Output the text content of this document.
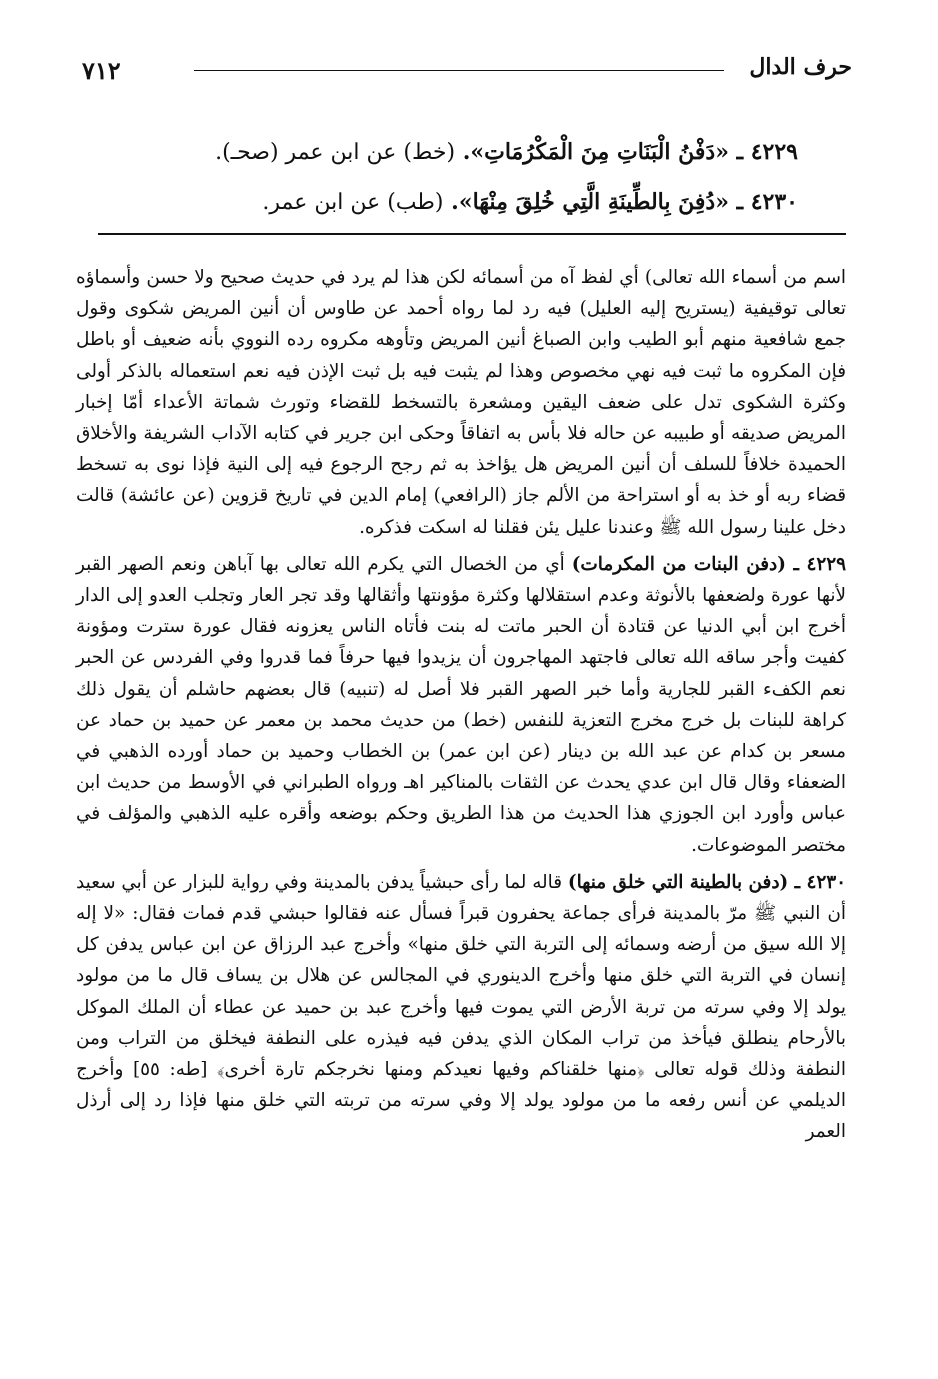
حرف الدال
٧١٢
٤٢٢٩ ـ «دَفْنُ الْبَنَاتِ مِنَ الْمَكْرُمَاتِ». (خط) عن ابن عمر (صحـ).
٤٢٣٠ ـ «دُفِنَ بِالطِّينَةِ الَّتِي خُلِقَ مِنْهَا». (طب) عن ابن عمر.

اسم من أسماء الله تعالى) أي لفظ آه من أسمائه لكن هذا لم يرد في حديث صحيح ولا حسن وأسماؤه تعالى توقيفية (يستريح إليه العليل) فيه رد لما رواه أحمد عن طاوس أن أنين المريض شكوى وقول جمع شافعية منهم أبو الطيب وابن الصباغ أنين المريض وتأوهه مكروه رده النووي بأنه ضعيف أو باطل فإن المكروه ما ثبت فيه نهي مخصوص وهذا لم يثبت فيه بل ثبت الإذن فيه نعم استعماله بالذكر أولى وكثرة الشكوى تدل على ضعف اليقين ومشعرة بالتسخط للقضاء وتورث شماتة الأعداء أمّا إخبار المريض صديقه أو طبيبه عن حاله فلا بأس به اتفاقاً وحكى ابن جرير في كتابه الآداب الشريفة والأخلاق الحميدة خلافاً للسلف أن أنين المريض هل يؤاخذ به ثم رجح الرجوع فيه إلى النية فإذا نوى به تسخط قضاء ربه أو خذ به أو استراحة من الألم جاز (الرافعي) إمام الدين في تاريخ قزوين (عن عائشة) قالت دخل علينا رسول الله ﷺ وعندنا عليل يئن فقلنا له اسكت فذكره.

٤٢٢٩ ـ (دفن البنات من المكرمات) أي من الخصال التي يكرم الله تعالى بها آباهن ونعم الصهر القبر لأنها عورة ولضعفها بالأنوثة وعدم استقلالها وكثرة مؤونتها وأثقالها وقد تجر العار وتجلب العدو إلى الدار أخرج ابن أبي الدنيا عن قتادة أن الحبر ماتت له بنت فأتاه الناس يعزونه فقال عورة سترت ومؤونة كفيت وأجر ساقه الله تعالى فاجتهد المهاجرون أن يزيدوا فيها حرفاً فما قدروا وفي الفردس عن الحبر نعم الكفء القبر للجارية وأما خبر الصهر القبر فلا أصل له (تنبيه) قال بعضهم حاشلم أن يقول ذلك كراهة للبنات بل خرج مخرج التعزية للنفس (خط) من حديث محمد بن معمر عن حميد بن حماد عن مسعر بن كدام عن عبد الله بن دينار (عن ابن عمر) بن الخطاب وحميد بن حماد أورده الذهبي في الضعفاء وقال قال ابن عدي يحدث عن الثقات بالمناكير اهـ ورواه الطبراني في الأوسط من حديث ابن عباس وأورد ابن الجوزي هذا الحديث من هذا الطريق وحكم بوضعه وأقره عليه الذهبي والمؤلف في مختصر الموضوعات.

٤٢٣٠ ـ (دفن بالطينة التي خلق منها) قاله لما رأى حبشياً يدفن بالمدينة وفي رواية للبزار عن أبي سعيد أن النبي ﷺ مرّ بالمدينة فرأى جماعة يحفرون قبراً فسأل عنه فقالوا حبشي قدم فمات فقال: «لا إله إلا الله سيق من أرضه وسمائه إلى التربة التي خلق منها» وأخرج عبد الرزاق عن ابن عباس يدفن كل إنسان في التربة التي خلق منها وأخرج الدينوري في المجالس عن هلال بن يساف قال ما من مولود يولد إلا وفي سرته من تربة الأرض التي يموت فيها وأخرج عبد بن حميد عن عطاء أن الملك الموكل بالأرحام ينطلق فيأخذ من تراب المكان الذي يدفن فيه فيذره على النطفة فيخلق من التراب ومن النطفة وذلك قوله تعالى ﴿منها خلقناكم وفيها نعيدكم ومنها نخرجكم تارة أخرى﴾ [طه: ٥٥] وأخرج الديلمي عن أنس رفعه ما من مولود يولد إلا وفي سرته من تربته التي خلق منها فإذا رد إلى أرذل العمر
